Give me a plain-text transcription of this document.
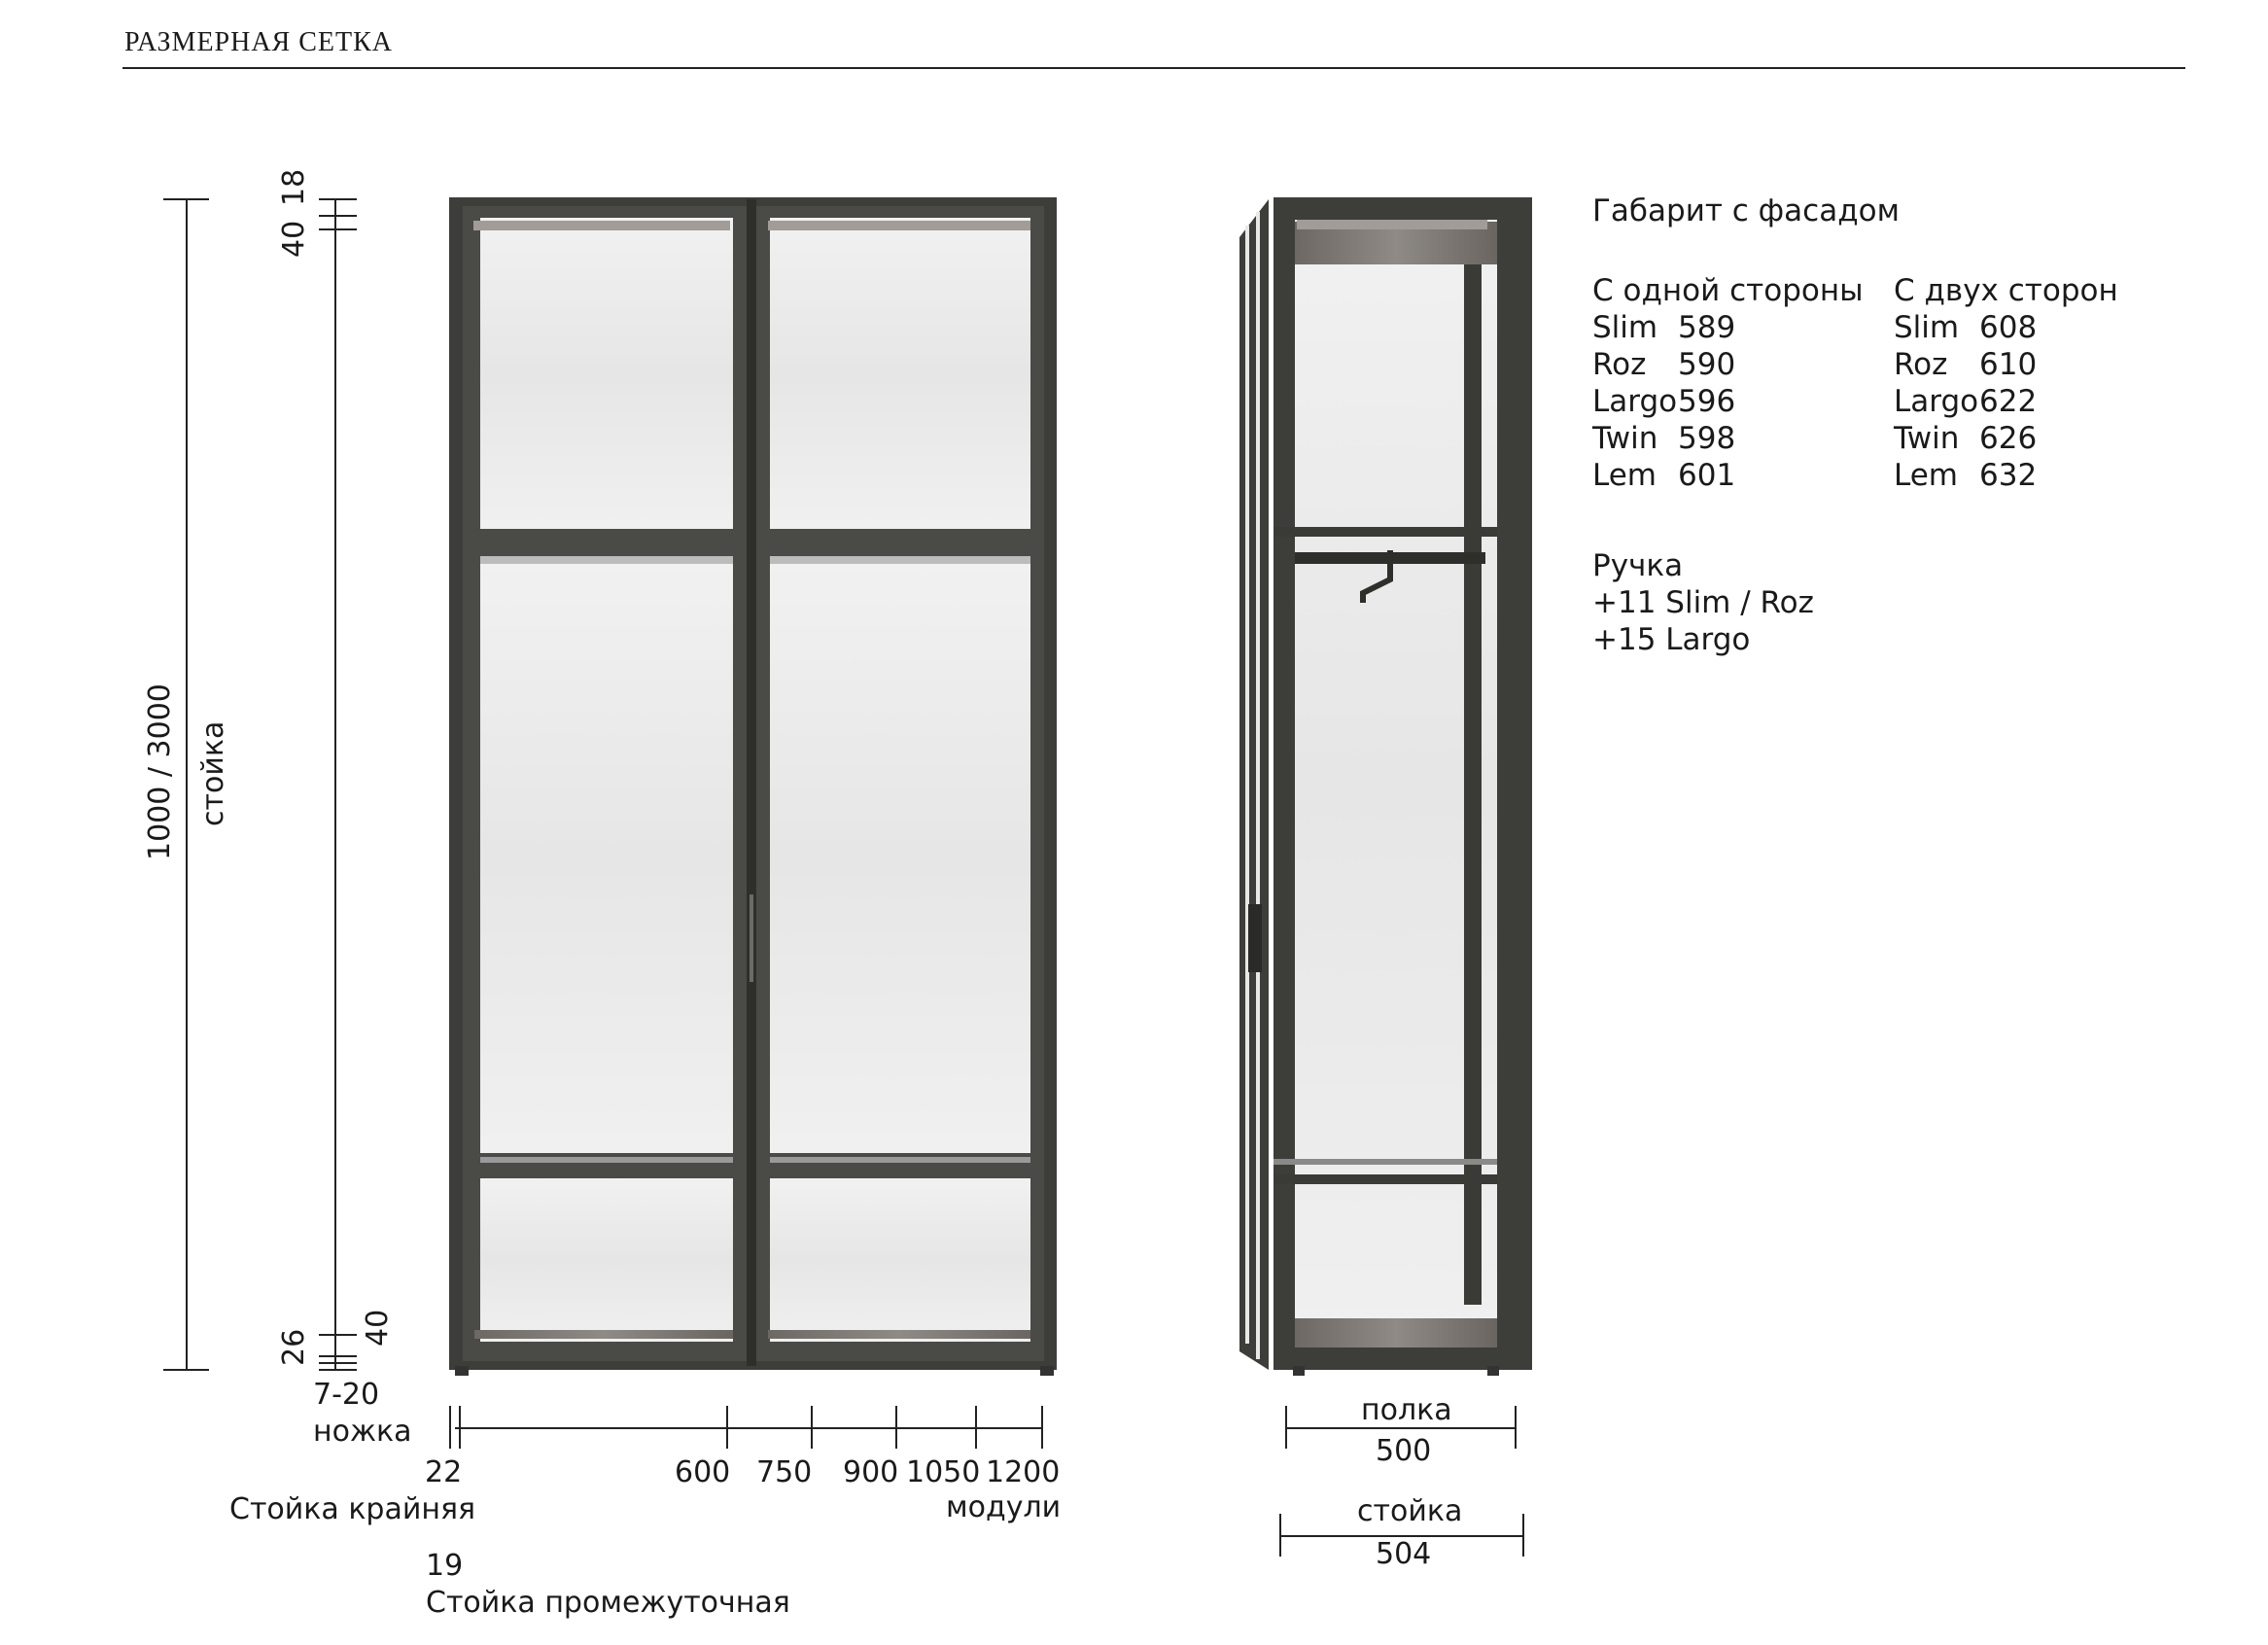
РАЗМЕРНАЯ СЕТКА
1000 / 3000 стойка
18
40
40
26
7-20
ножка
22	600 750 900 1050 1200
Стойка крайняя	модули
19
Стойка промежуточная
полка
500
стойка
504
Габарит с фасадом
С одной стороны
Slim 589
Roz	590
Largo 596
Twin 598
Lem 601
С двух сторон
Slim 608
Roz	610
Largo 622
Twin 626
Lem 632
Ручка
+11 Slim / Roz
+15 Largo
